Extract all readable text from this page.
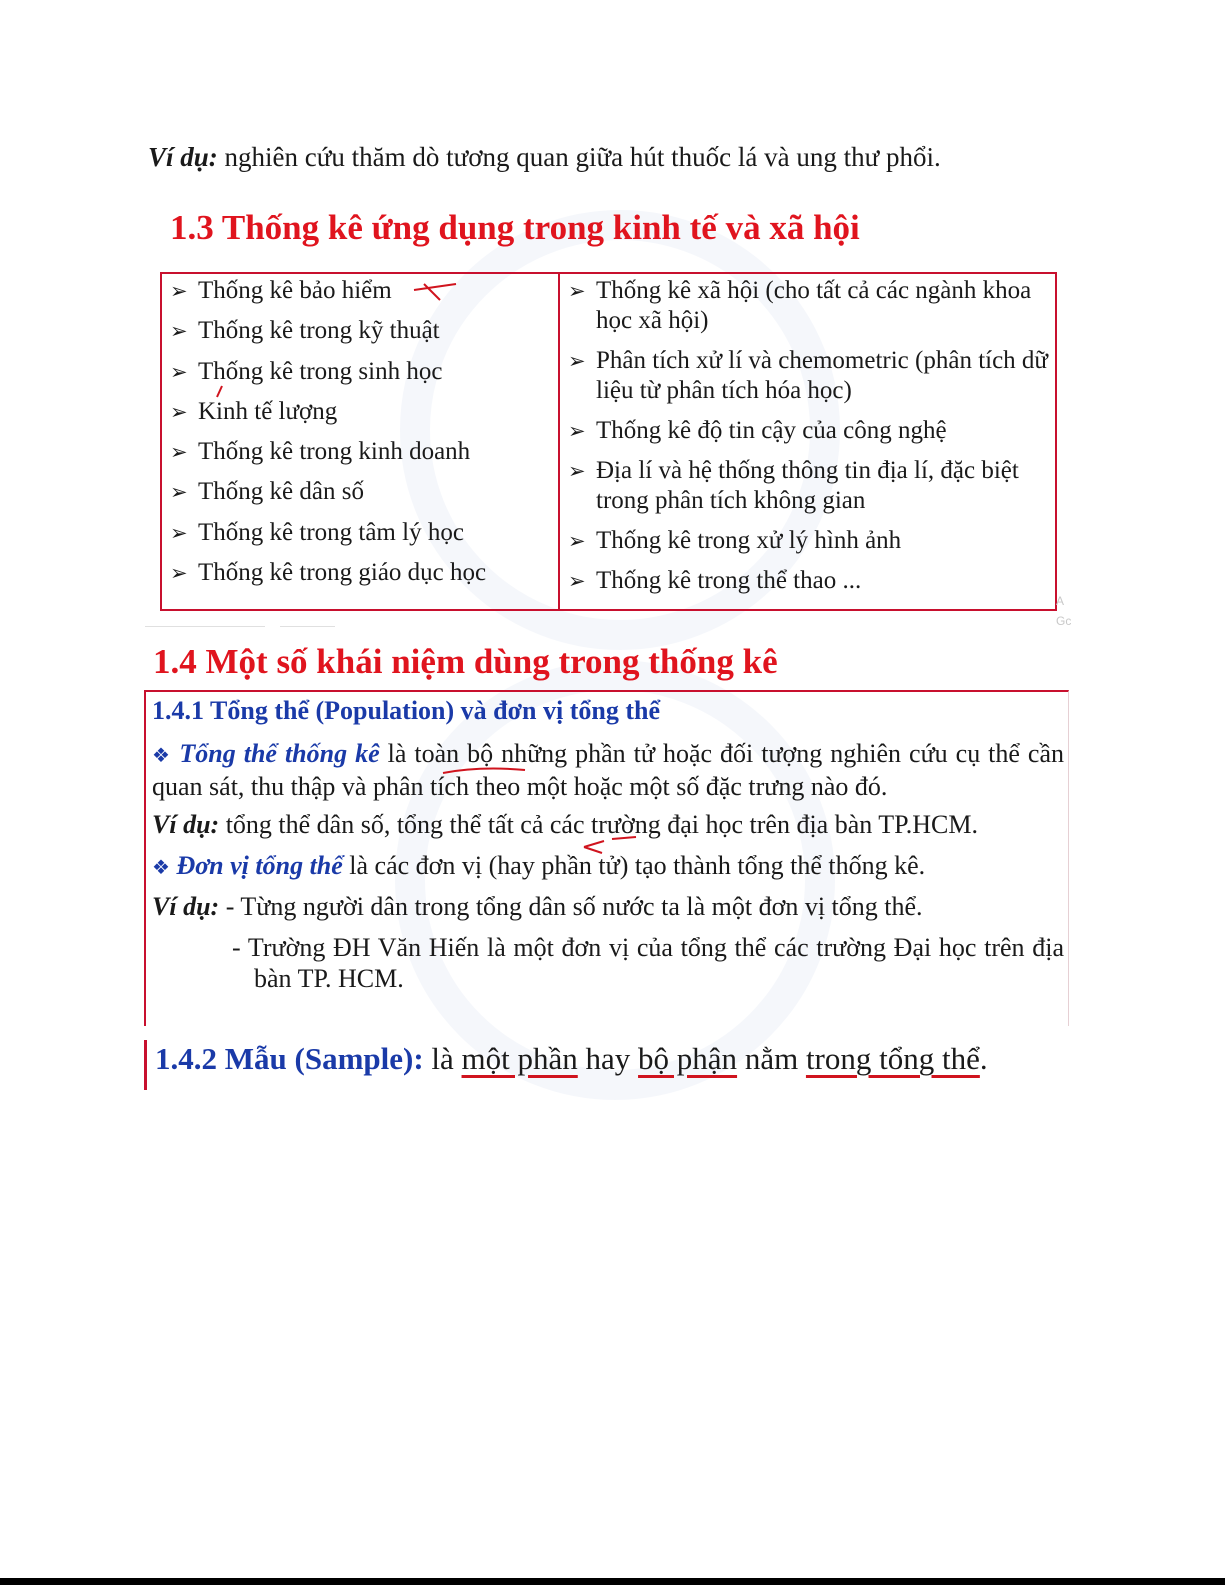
Ví dụ: nghiên cứu thăm dò tương quan giữa hút thuốc lá và ung thư phổi.
1.3 Thống kê ứng dụng trong kinh tế và xã hội
➢ Thống kê bảo hiểm
➢ Thống kê trong kỹ thuật
➢ Thống kê trong sinh học
➢ Kinh tế lượng
➢ Thống kê trong kinh doanh
➢ Thống kê dân số
➢ Thống kê trong tâm lý học
➢ Thống kê trong giáo dục học
➢ Thống kê xã hội (cho tất cả các ngành khoa học xã hội)
➢ Phân tích xử lí và chemometric (phân tích dữ liệu từ phân tích hóa học)
➢ Thống kê độ tin cậy của công nghệ
➢ Địa lí và hệ thống thông tin địa lí, đặc biệt trong phân tích không gian
➢ Thống kê trong xử lý hình ảnh
➢ Thống kê trong thể thao ...
A
Gc
1.4 Một số khái niệm dùng trong thống kê
1.4.1 Tổng thể (Population) và đơn vị tổng thể
❖ Tổng thể thống kê là toàn bộ những phần tử hoặc đối tượng nghiên cứu cụ thể cần quan sát, thu thập và phân tích theo một hoặc một số đặc trưng nào đó.
Ví dụ: tổng thể dân số, tổng thể tất cả các trường đại học trên địa bàn TP.HCM.
❖ Đơn vị tổng thể là các đơn vị (hay phần tử) tạo thành tổng thể thống kê.
Ví dụ: - Từng người dân trong tổng dân số nước ta là một đơn vị tổng thể.
- Trường ĐH Văn Hiến là một đơn vị của tổng thể các trường Đại học trên địa bàn TP. HCM.
1.4.2 Mẫu (Sample): là một phần hay bộ phận nằm trong tổng thể.
